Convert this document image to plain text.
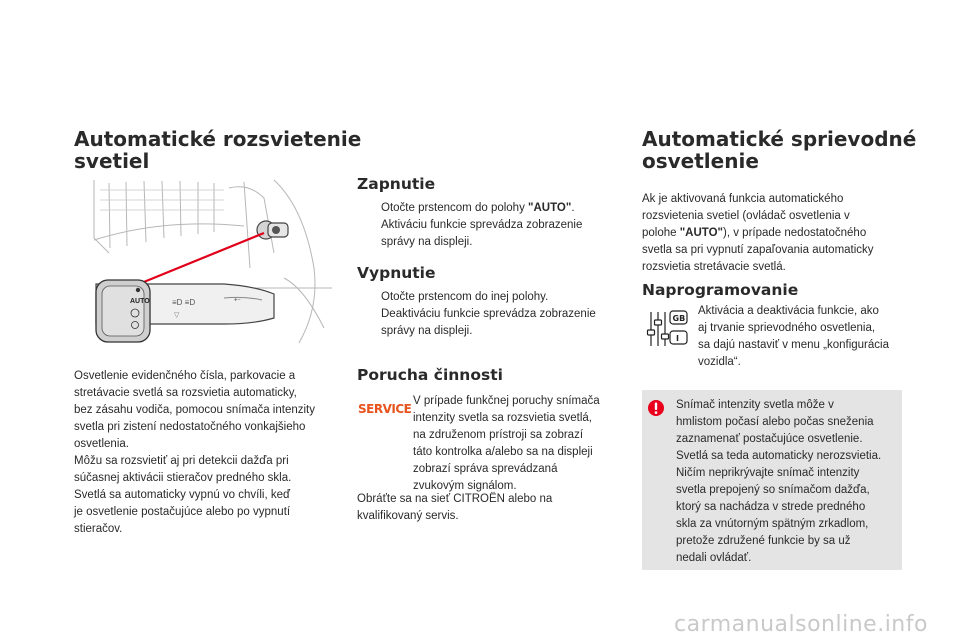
Automatické rozsvietenie
svetiel
AUTO	≡D ≡D
▽
⇠
Osvetlenie evidenčného čísla, parkovacie a
stretávacie svetlá sa rozsvietia automaticky,
bez zásahu vodiča, pomocou snímača intenzity
svetla pri zistení nedostatočného vonkajšieho
osvetlenia.
Môžu sa rozsvietiť aj pri detekcii dažďa pri
súčasnej aktivácii stieračov predného skla.
Svetlá sa automaticky vypnú vo chvíli, keď
je osvetlenie postačujúce alebo po vypnutí
stieračov.
Zapnutie
Otočte prstencom do polohy "AUTO".
Aktiváciu funkcie sprevádza zobrazenie
správy na displeji.
Vypnutie
Otočte prstencom do inej polohy.
Deaktiváciu funkcie sprevádza zobrazenie
správy na displeji.
Porucha činnosti
SERVICE
V prípade funkčnej poruchy snímača
intenzity svetla sa rozsvietia svetlá,
na združenom prístroji sa zobrazí
táto kontrolka a/alebo sa na displeji
zobrazí správa sprevádzaná
zvukovým signálom.
Obráťte sa na sieť CITROËN alebo na
kvalifikovaný servis.
Automatické sprievodné
osvetlenie
Ak je aktivovaná funkcia automatického
rozsvietenia svetiel (ovládač osvetlenia v
polohe "AUTO"), v prípade nedostatočného
svetla sa pri vypnutí zapaľovania automaticky
rozsvietia stretávacie svetlá.
Naprogramovanie
GB
I
Aktivácia a deaktivácia funkcie, ako
aj trvanie sprievodného osvetlenia,
sa dajú nastaviť v menu „konfigurácia
vozidla“.
Snímač intenzity svetla môže v
hmlistom počasí alebo počas sneženia
zaznamenať postačujúce osvetlenie.
Svetlá sa teda automaticky nerozsvietia.
Ničím neprikrývajte snímač intenzity
svetla prepojený so snímačom dažďa,
ktorý sa nachádza v strede predného
skla za vnútorným spätným zrkadlom,
pretože združené funkcie by sa už
nedali ovládať.
carmanualsonline.info
